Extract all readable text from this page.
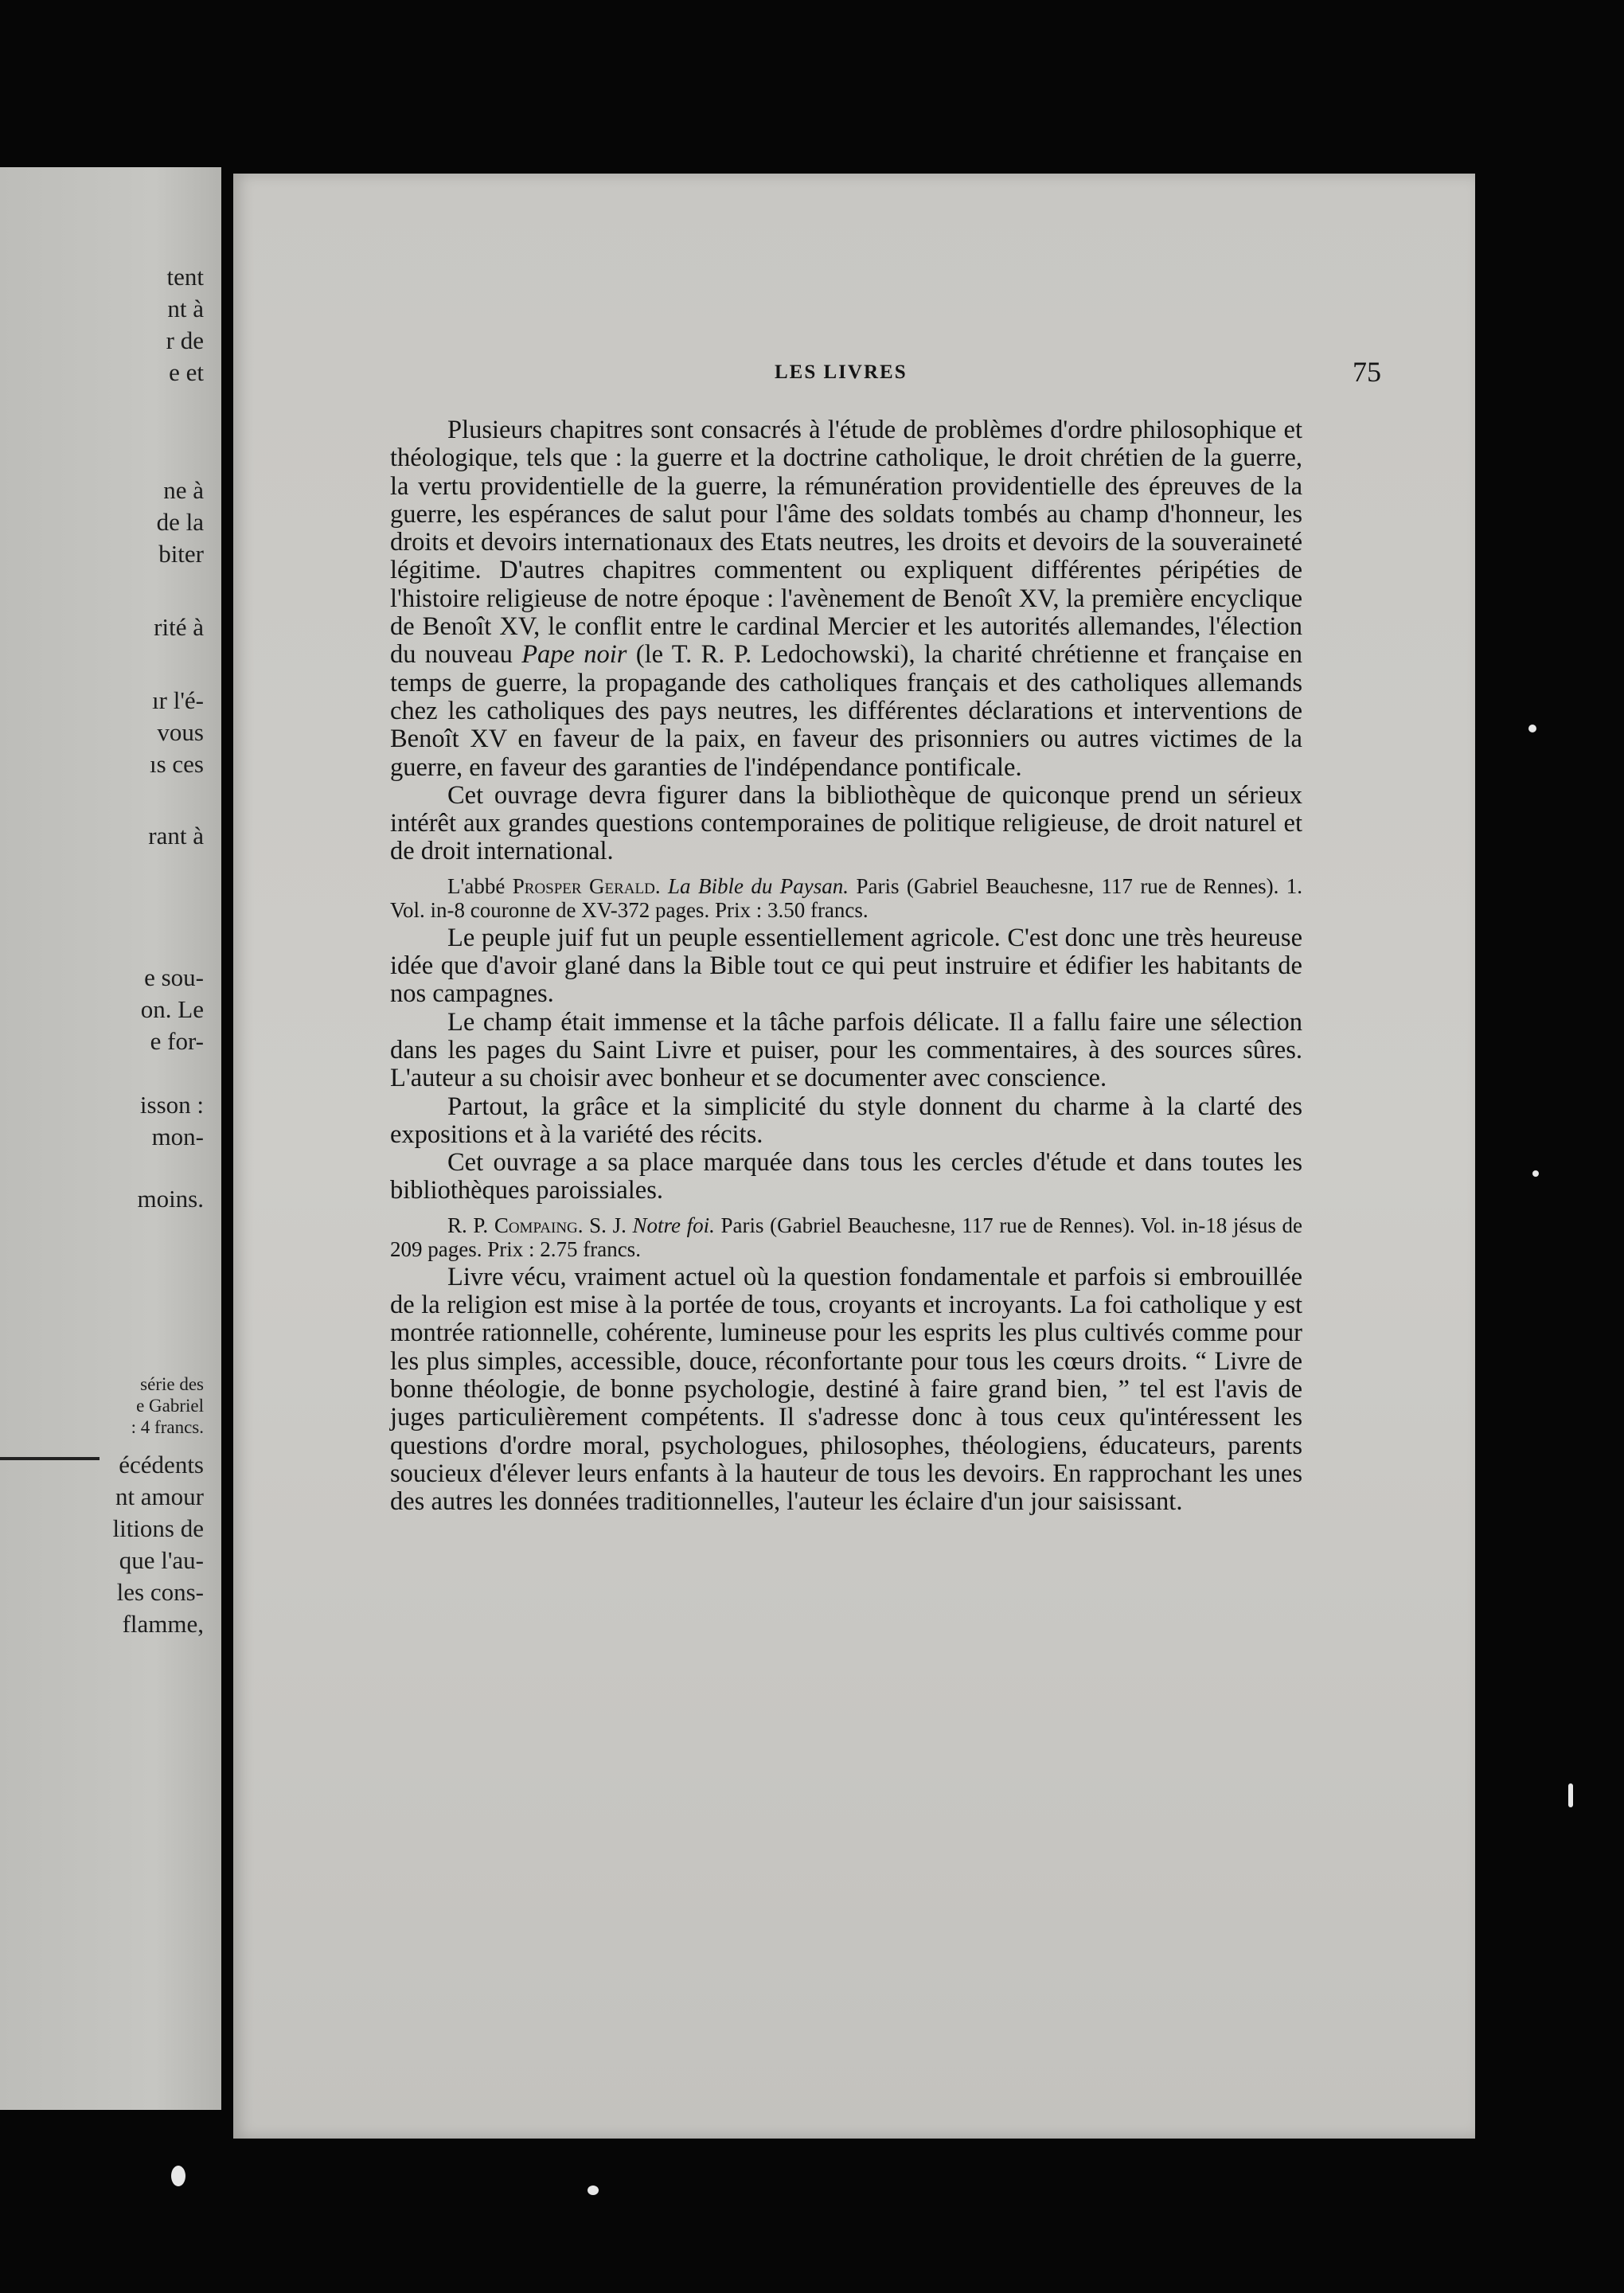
tent
nt à
r de
e et
ne à
de la
biter
rité à
ır l'é-
vous
ıs ces
rant à
e sou-
on. Le
e for-
isson :
mon-
moins.
série des
e Gabriel
: 4 francs.
écédents
nt amour
litions de
que l'au-
les cons-
flamme,
LES LIVRES	75

Plusieurs chapitres sont consacrés à l'étude de problèmes d'ordre philosophique et théologique, tels que : la guerre et la doctrine catholique, le droit chrétien de la guerre, la vertu providentielle de la guerre, la rémunération providentielle des épreuves de la guerre, les espérances de salut pour l'âme des soldats tombés au champ d'honneur, les droits et devoirs internationaux des Etats neutres, les droits et devoirs de la souveraineté légitime. D'autres chapitres commentent ou expliquent différentes péripéties de l'histoire religieuse de notre époque : l'avènement de Benoît XV, la première encyclique de Benoît XV, le conflit entre le cardinal Mercier et les autorités allemandes, l'élection du nouveau Pape noir (le T. R. P. Ledochowski), la charité chrétienne et française en temps de guerre, la propagande des catholiques français et des catholiques allemands chez les catholiques des pays neutres, les différentes déclarations et interventions de Benoît XV en faveur de la paix, en faveur des prisonniers ou autres victimes de la guerre, en faveur des garanties de l'indépendance pontificale.

Cet ouvrage devra figurer dans la bibliothèque de quiconque prend un sérieux intérêt aux grandes questions contemporaines de politique religieuse, de droit naturel et de droit international.

L'abbé Prosper Gerald. La Bible du Paysan. Paris (Gabriel Beauchesne, 117 rue de Rennes). 1. Vol. in-8 couronne de XV-372 pages. Prix : 3.50 francs.

Le peuple juif fut un peuple essentiellement agricole. C'est donc une très heureuse idée que d'avoir glané dans la Bible tout ce qui peut instruire et édifier les habitants de nos campagnes.

Le champ était immense et la tâche parfois délicate. Il a fallu faire une sélection dans les pages du Saint Livre et puiser, pour les commentaires, à des sources sûres. L'auteur a su choisir avec bonheur et se documenter avec conscience.

Partout, la grâce et la simplicité du style donnent du charme à la clarté des expositions et à la variété des récits.

Cet ouvrage a sa place marquée dans tous les cercles d'étude et dans toutes les bibliothèques paroissiales.

R. P. Compaing. S. J. Notre foi. Paris (Gabriel Beauchesne, 117 rue de Rennes). Vol. in-18 jésus de 209 pages. Prix : 2.75 francs.

Livre vécu, vraiment actuel où la question fondamentale et parfois si embrouillée de la religion est mise à la portée de tous, croyants et incroyants. La foi catholique y est montrée rationnelle, cohérente, lumineuse pour les esprits les plus cultivés comme pour les plus simples, accessible, douce, réconfortante pour tous les cœurs droits. “ Livre de bonne théologie, de bonne psychologie, destiné à faire grand bien, ” tel est l'avis de juges particulièrement compétents. Il s'adresse donc à tous ceux qu'intéressent les questions d'ordre moral, psychologues, philosophes, théologiens, éducateurs, parents soucieux d'élever leurs enfants à la hauteur de tous les devoirs. En rapprochant les unes des autres les données traditionnelles, l'auteur les éclaire d'un jour saisissant.
